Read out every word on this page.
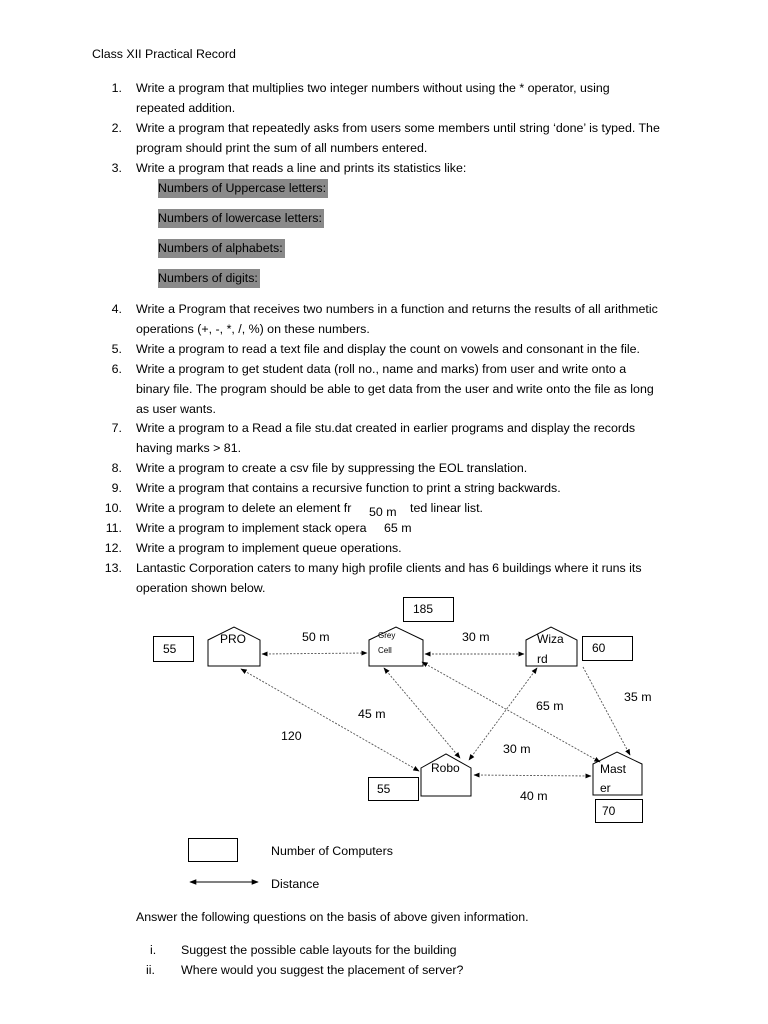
Class XII Practical Record
1. Write a program that multiplies two integer numbers without using the * operator, using
repeated addition.
2. Write a program that repeatedly asks from users some members until string ‘done’ is typed. The
program should print the sum of all numbers entered.
3. Write a program that reads a line and prints its statistics like:
Numbers of Uppercase letters:
Numbers of lowercase letters:
Numbers of alphabets:
Numbers of digits:
4. Write a Program that receives two numbers in a function and returns the results of all arithmetic
operations (+, -, *, /, %) on these numbers.
5. Write a program to read a text file and display the count on vowels and consonant in the file.
6. Write a program to get student data (roll no., name and marks) from user and write onto a
binary file. The program should be able to get data from the user and write onto the file as long
as user wants.
7. Write a program to a Read a file stu.dat created in earlier programs and display the records
having marks > 81.
8. Write a program to create a csv file by suppressing the EOL translation.
9. Write a program that contains a recursive function to print a string backwards.
10. Write a program to delete an element fr	ted linear list.
50 m
11. Write a program to implement stack opera 65 m
12. Write a program to implement queue operations.
13. Lantastic Corporation caters to many high profile clients and has 6 buildings where it runs its
operation shown below.
PRO	Grey
Cell
Wiza
rd
Robo	Mast
er
55
185
60
55
70
50 m	30 m
35 m
45 m
65 m
120
30 m
40 m
Number of Computers
Distance
Answer the following questions on the basis of above given information.
i. Suggest the possible cable layouts for the building
ii. Where would you suggest the placement of server?
